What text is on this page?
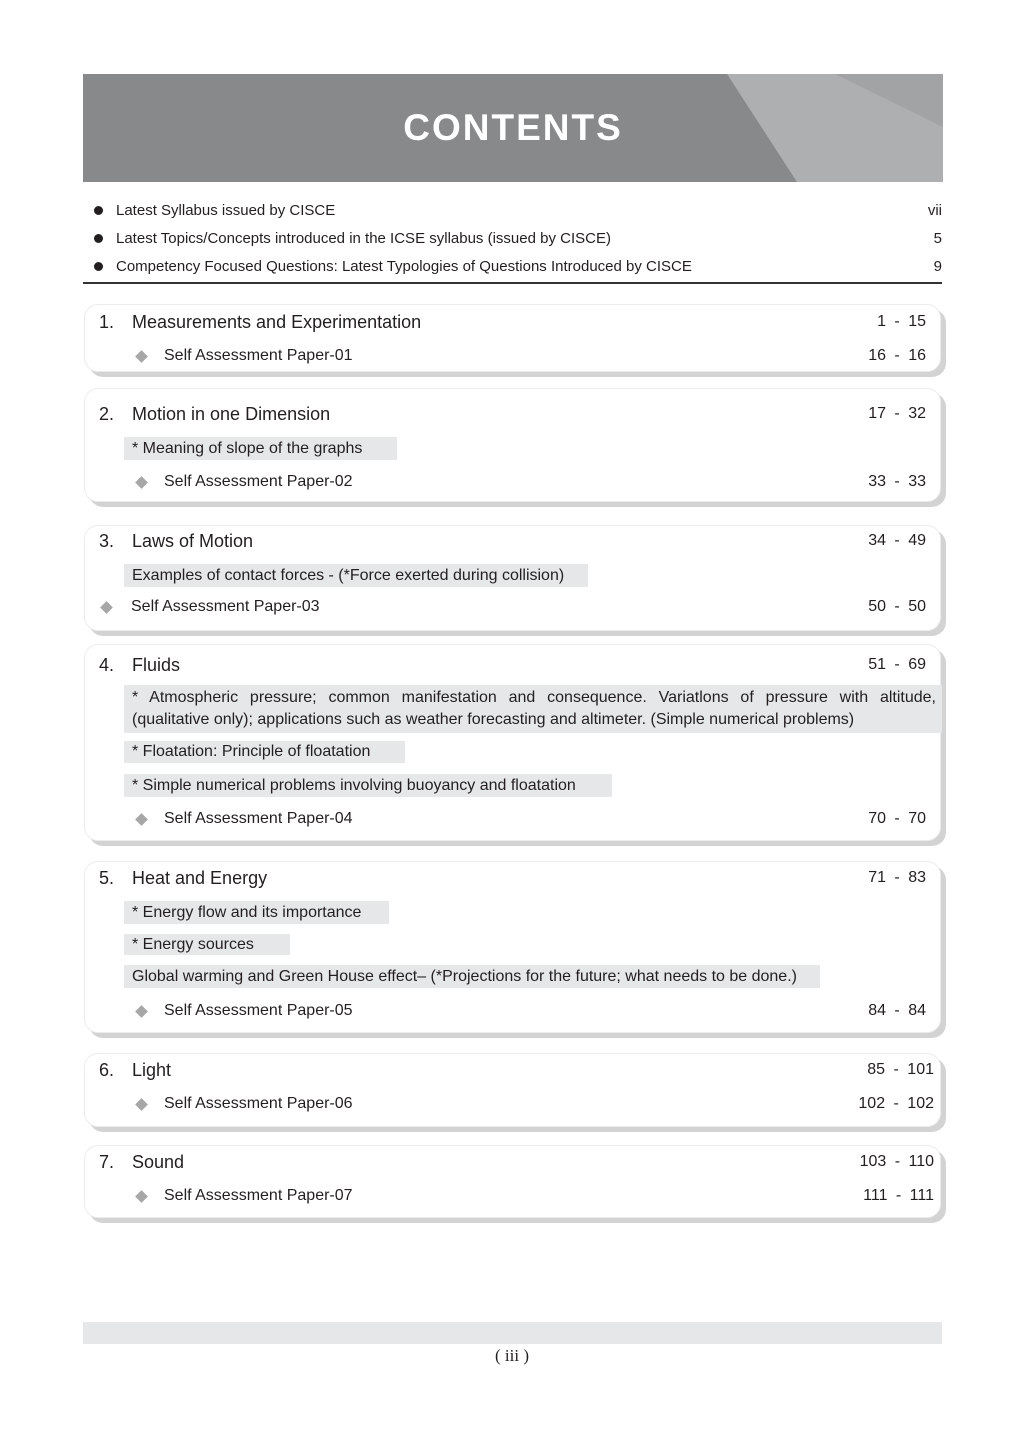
CONTENTS
Latest Syllabus issued by CISCE	vii
Latest Topics/Concepts introduced in the ICSE syllabus (issued by CISCE)	5
Competency Focused Questions: Latest Typologies of Questions Introduced by CISCE	9
1. Measurements and Experimentation	1 - 15
Self Assessment Paper-01	16 - 16
2. Motion in one Dimension	17 - 32
* Meaning of slope of the graphs
Self Assessment Paper-02	33 - 33
3. Laws of Motion	34 - 49
Examples of contact forces - (*Force exerted during collision)
Self Assessment Paper-03	50 - 50
4. Fluids	51 - 69
* Atmospheric pressure; common manifestation and consequence. Variatlons of pressure with altitude, (qualitative only); applications such as weather forecasting and altimeter. (Simple numerical problems)
* Floatation: Principle of floatation
* Simple numerical problems involving buoyancy and floatation
Self Assessment Paper-04	70 - 70
5. Heat and Energy	71 - 83
* Energy flow and its importance
* Energy sources
Global warming and Green House effect– (*Projections for the future; what needs to be done.)
Self Assessment Paper-05	84 - 84
6. Light	85 - 101
Self Assessment Paper-06	102 - 102
7. Sound	103 - 110
Self Assessment Paper-07	111 - 111
( iii )
